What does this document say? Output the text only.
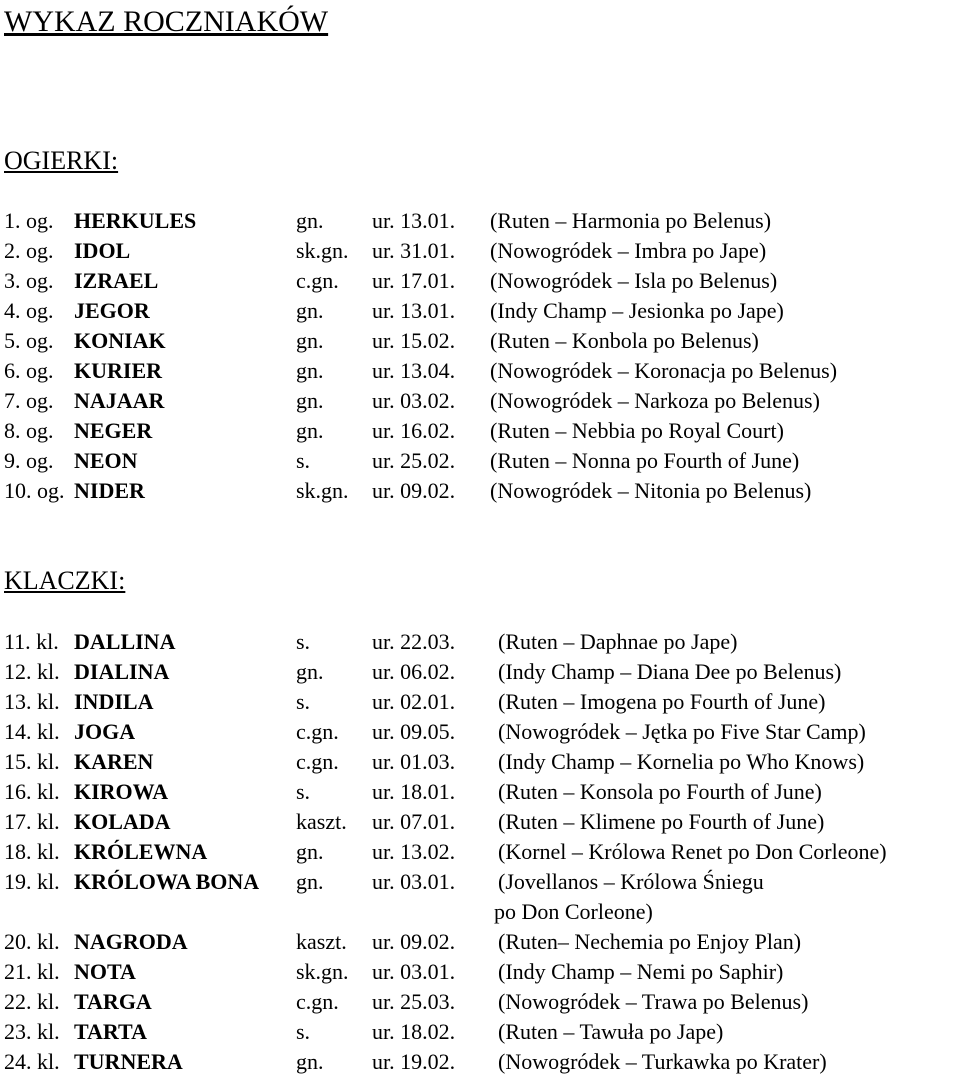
WYKAZ ROCZNIAKÓW
OGIERKI:
1. og. HERKULES	gn. ur. 13.01. (Ruten – Harmonia po Belenus)
2. og. IDOL	sk.gn. ur. 31.01. (Nowogródek – Imbra po Jape)
3. og. IZRAEL	c.gn. ur. 17.01. (Nowogródek – Isla po Belenus)
4. og. JEGOR	gn. ur. 13.01. (Indy Champ – Jesionka po Jape)
5. og. KONIAK	gn. ur. 15.02. (Ruten – Konbola po Belenus)
6. og. KURIER	gn. ur. 13.04. (Nowogródek – Koronacja po Belenus)
7. og. NAJAAR	gn. ur. 03.02. (Nowogródek – Narkoza po Belenus)
8. og. NEGER	gn. ur. 16.02. (Ruten – Nebbia po Royal Court)
9. og. NEON	s.	ur. 25.02. (Ruten – Nonna po Fourth of June)
10. og. NIDER	sk.gn. ur. 09.02. (Nowogródek – Nitonia po Belenus)
KLACZKI:
11. kl. DALLINA	s.	ur. 22.03. (Ruten – Daphnae po Jape)
12. kl. DIALINA	gn. ur. 06.02. (Indy Champ – Diana Dee po Belenus)
13. kl. INDILA	s.	ur. 02.01. (Ruten – Imogena po Fourth of June)
14. kl. JOGA	c.gn. ur. 09.05. (Nowogródek – Jętka po Five Star Camp)
15. kl. KAREN	c.gn. ur. 01.03. (Indy Champ – Kornelia po Who Knows)
16. kl. KIROWA	s.	ur. 18.01. (Ruten – Konsola po Fourth of June)
17. kl. KOLADA	kaszt. ur. 07.01. (Ruten – Klimene po Fourth of June)
18. kl. KRÓLEWNA	gn. ur. 13.02. (Kornel – Królowa Renet po Don Corleone)
19. kl. KRÓLOWA BONA gn. ur. 03.01. (Jovellanos – Królowa Śniegu
po Don Corleone)
20. kl. NAGRODA	kaszt. ur. 09.02. (Ruten– Nechemia po Enjoy Plan)
21. kl. NOTA	sk.gn. ur. 03.01. (Indy Champ – Nemi po Saphir)
22. kl. TARGA	c.gn. ur. 25.03. (Nowogródek – Trawa po Belenus)
23. kl. TARTA	s.	ur. 18.02. (Ruten – Tawuła po Jape)
24. kl. TURNERA	gn. ur. 19.02. (Nowogródek – Turkawka po Krater)
